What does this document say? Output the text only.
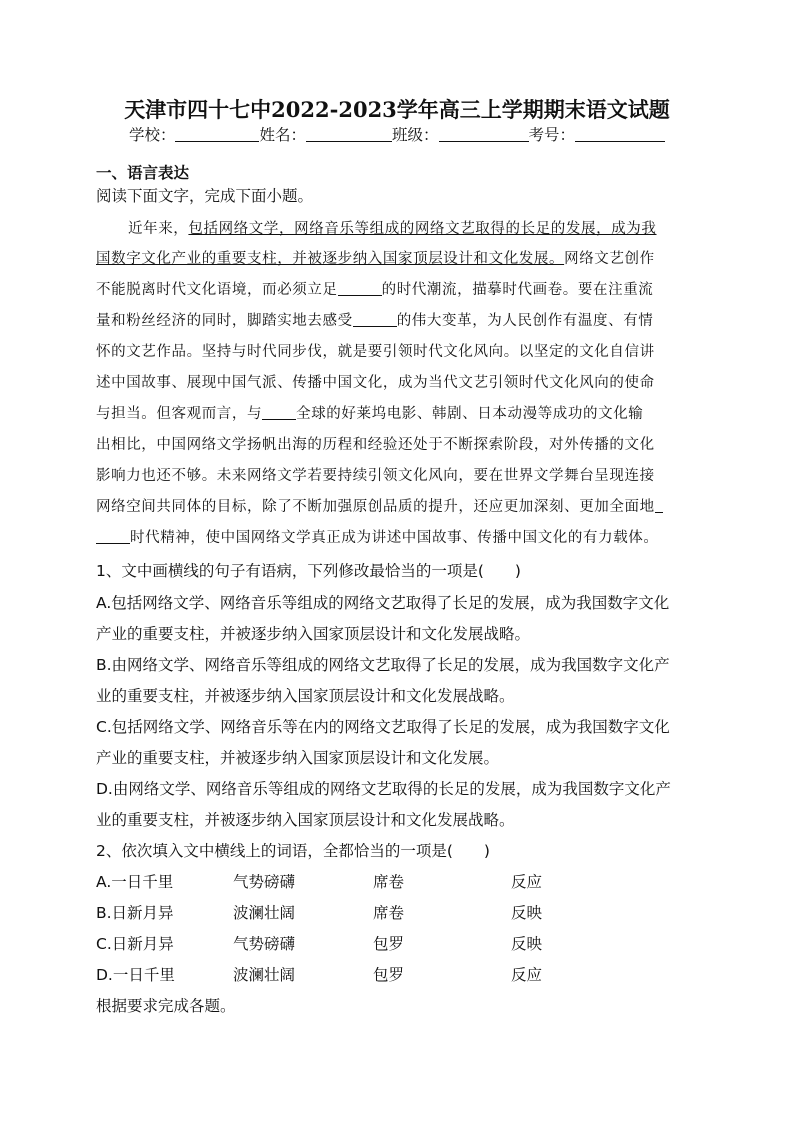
天津市四十七中2022-2023学年高三上学期期末语文试题
学校：	姓名：	班级：	考号：
一、语言表达
阅读下面文字，完成下面小题。
近年来，包括网络文学，网络音乐等组成的网络文艺取得的长足的发展，成为我
国数字文化产业的重要支柱，并被逐步纳入国家顶层设计和文化发展。网络文艺创作
不能脱离时代文化语境，而必须立足	的时代潮流，描摹时代画卷。要在注重流
量和粉丝经济的同时，脚踏实地去感受	的伟大变革，为人民创作有温度、有情
怀的文艺作品。坚持与时代同步伐，就是要引领时代文化风向。以坚定的文化自信讲
述中国故事、展现中国气派、传播中国文化，成为当代文艺引领时代文化风向的使命
与担当。但客观而言，与 全球的好莱坞电影、韩剧、日本动漫等成功的文化输
出相比，中国网络文学扬帆出海的历程和经验还处于不断探索阶段，对外传播的文化
影响力也还不够。未来网络文学若要持续引领文化风向，要在世界文学舞台呈现连接
网络空间共同体的目标，除了不断加强原创品质的提升，还应更加深刻、更加全面地
时代精神，使中国网络文学真正成为讲述中国故事、传播中国文化的有力载体。
1、文中画横线的句子有语病，下列修改最恰当的一项是(　　)
A.包括网络文学、网络音乐等组成的网络文艺取得了长足的发展，成为我国数字文化
产业的重要支柱，并被逐步纳入国家顶层设计和文化发展战略。
B.由网络文学、网络音乐等组成的网络文艺取得了长足的发展，成为我国数字文化产
业的重要支柱，并被逐步纳入国家顶层设计和文化发展战略。
C.包括网络文学、网络音乐等在内的网络文艺取得了长足的发展，成为我国数字文化
产业的重要支柱，并被逐步纳入国家顶层设计和文化发展。
D.由网络文学、网络音乐等组成的网络文艺取得的长足的发展，成为我国数字文化产
业的重要支柱，并被逐步纳入国家顶层设计和文化发展战略。
2、依次填入文中横线上的词语，全都恰当的一项是(　　)
A.一日千里	气势磅礴	席卷	反应
B.日新月异	波澜壮阔	席卷	反映
C.日新月异	气势磅礴	包罗	反映
D.一日千里	波澜壮阔	包罗	反应
根据要求完成各题。
